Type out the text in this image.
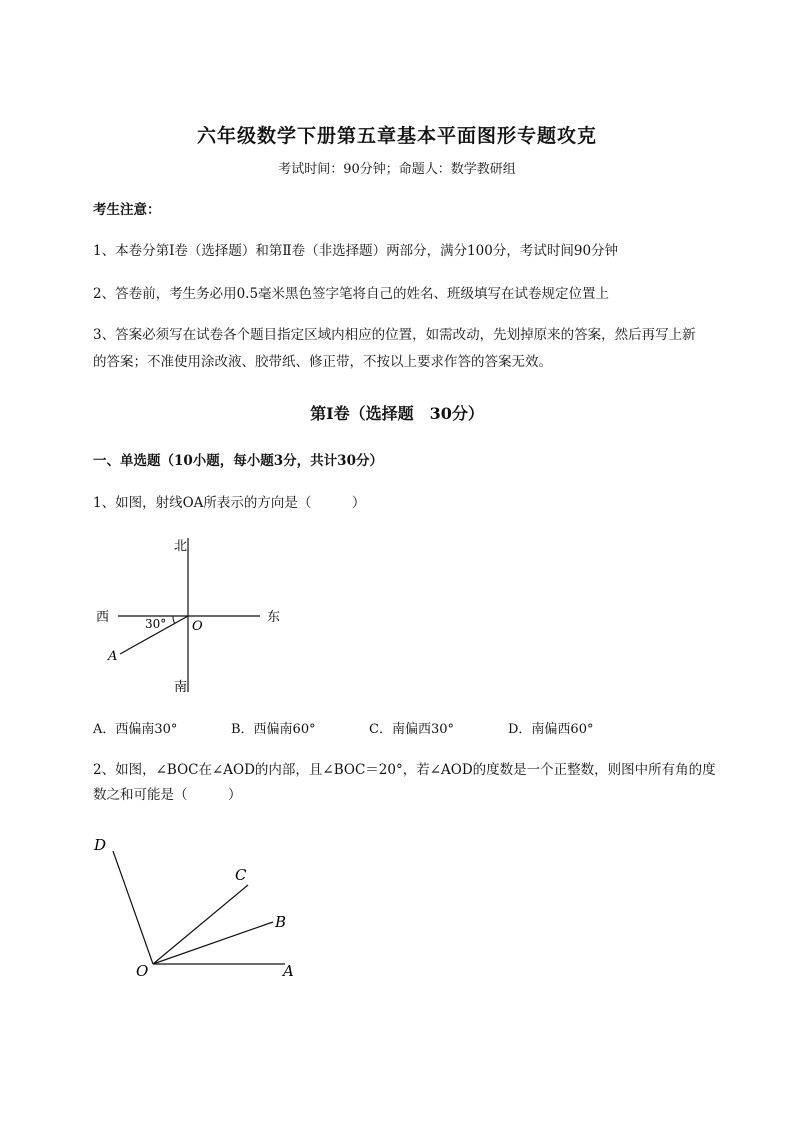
六年级数学下册第五章基本平面图形专题攻克
考试时间：90分钟；命题人：数学教研组
考生注意：
1、本卷分第I卷（选择题）和第Ⅱ卷（非选择题）两部分，满分100分，考试时间90分钟
2、答卷前，考生务必用0.5毫米黑色签字笔将自己的姓名、班级填写在试卷规定位置上
3、答案必须写在试卷各个题目指定区域内相应的位置，如需改动，先划掉原来的答案，然后再写上新
的答案；不准使用涂改液、胶带纸、修正带，不按以上要求作答的答案无效。
第I卷（选择题　30分）
一、单选题（10小题，每小题3分，共计30分）
1、如图，射线OA所表示的方向是（　　　）
北
南
西	东
30° O
A
A．西偏南30°	B．西偏南60°	C．南偏西30°	D．南偏西60°
2、如图，∠BOC在∠AOD的内部，且∠BOC＝20°，若∠AOD的度数是一个正整数，则图中所有角的度
数之和可能是（　　　）
D
C
B
O	A
